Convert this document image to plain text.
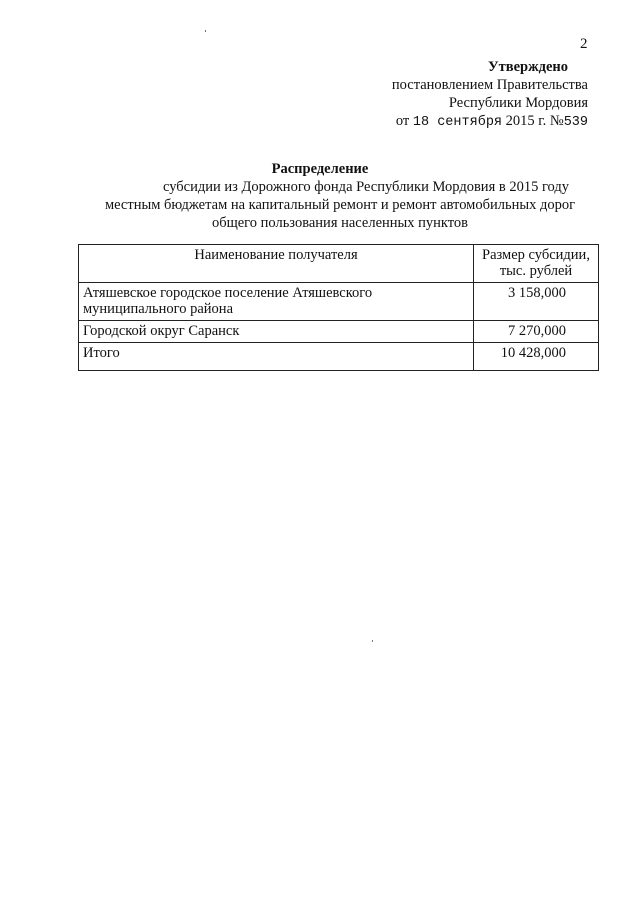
2
Утверждено
постановлением Правительства
Республики Мордовия
от 18 сентября 2015 г. №539
Распределение
субсидии из Дорожного фонда Республики Мордовия в 2015 году
местным бюджетам на капитальный ремонт и ремонт автомобильных дорог
общего пользования населенных пунктов
Наименование получателя	Размер субсидии,
тыс. рублей
Атяшевское городское поселение Атяшевского
муниципального района	3 158,000
Городской округ Саранск	7 270,000
Итого	10 428,000
